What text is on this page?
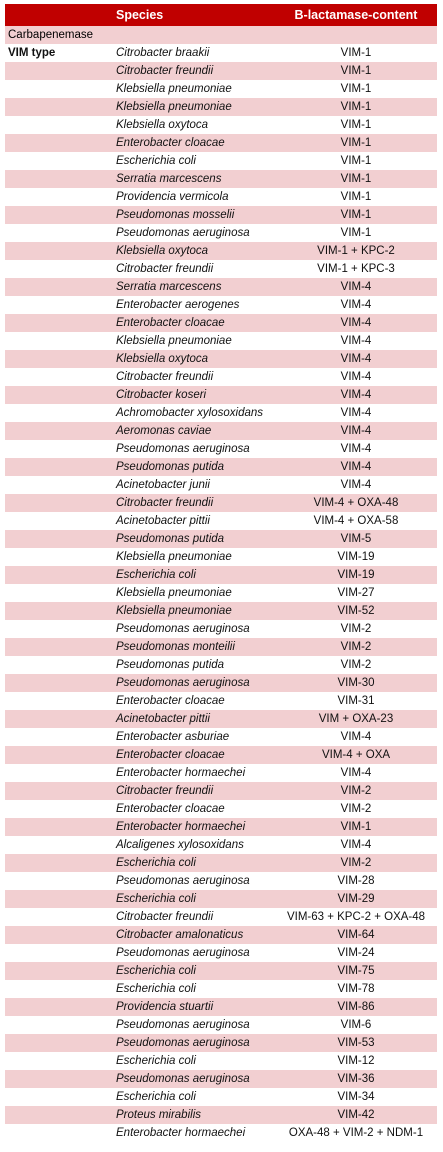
Species	B-lactamase-content
Carbapenemase
VIM type	Citrobacter braakii	VIM-1
Citrobacter freundii	VIM-1
Klebsiella pneumoniae	VIM-1
Klebsiella pneumoniae	VIM-1
Klebsiella oxytoca	VIM-1
Enterobacter cloacae	VIM-1
Escherichia coli	VIM-1
Serratia marcescens	VIM-1
Providencia vermicola	VIM-1
Pseudomonas mosselii	VIM-1
Pseudomonas aeruginosa	VIM-1
Klebsiella oxytoca	VIM-1 + KPC-2
Citrobacter freundii	VIM-1 + KPC-3
Serratia marcescens	VIM-4
Enterobacter aerogenes	VIM-4
Enterobacter cloacae	VIM-4
Klebsiella pneumoniae	VIM-4
Klebsiella oxytoca	VIM-4
Citrobacter freundii	VIM-4
Citrobacter koseri	VIM-4
Achromobacter xylosoxidans	VIM-4
Aeromonas caviae	VIM-4
Pseudomonas aeruginosa	VIM-4
Pseudomonas putida	VIM-4
Acinetobacter junii	VIM-4
Citrobacter freundii	VIM-4 + OXA-48
Acinetobacter pittii	VIM-4 + OXA-58
Pseudomonas putida	VIM-5
Klebsiella pneumoniae	VIM-19
Escherichia coli	VIM-19
Klebsiella pneumoniae	VIM-27
Klebsiella pneumoniae	VIM-52
Pseudomonas aeruginosa	VIM-2
Pseudomonas monteilii	VIM-2
Pseudomonas putida	VIM-2
Pseudomonas aeruginosa	VIM-30
Enterobacter cloacae	VIM-31
Acinetobacter pittii	VIM + OXA-23
Enterobacter asburiae	VIM-4
Enterobacter cloacae	VIM-4 + OXA
Enterobacter hormaechei	VIM-4
Citrobacter freundii	VIM-2
Enterobacter cloacae	VIM-2
Enterobacter hormaechei	VIM-1
Alcaligenes xylosoxidans	VIM-4
Escherichia coli	VIM-2
Pseudomonas aeruginosa	VIM-28
Escherichia coli	VIM-29
Citrobacter freundii	VIM-63 + KPC-2 + OXA-48
Citrobacter amalonaticus	VIM-64
Pseudomonas aeruginosa	VIM-24
Escherichia coli	VIM-75
Escherichia coli	VIM-78
Providencia stuartii	VIM-86
Pseudomonas aeruginosa	VIM-6
Pseudomonas aeruginosa	VIM-53
Escherichia coli	VIM-12
Pseudomonas aeruginosa	VIM-36
Escherichia coli	VIM-34
Proteus mirabilis	VIM-42
Enterobacter hormaechei	OXA-48 + VIM-2 + NDM-1
